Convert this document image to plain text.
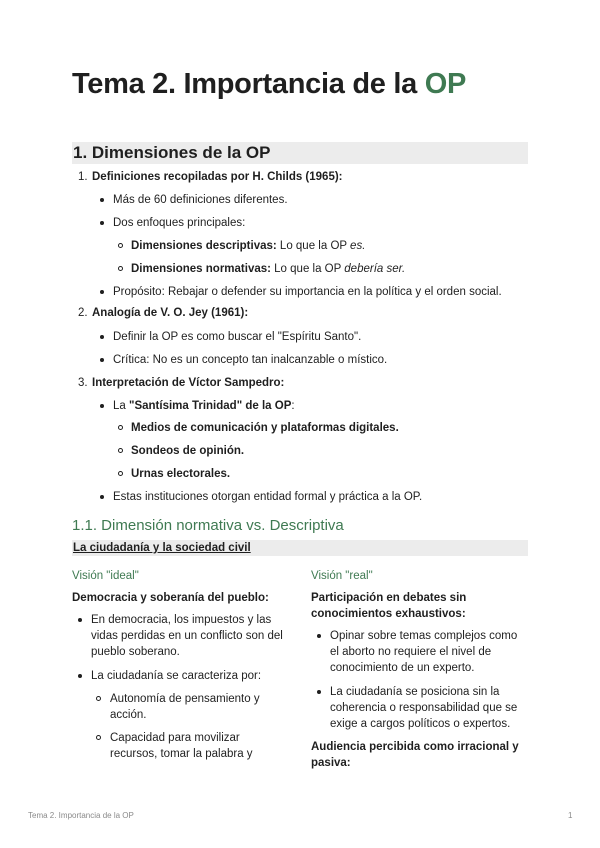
Tema 2. Importancia de la OP
1. Dimensiones de la OP
1. Definiciones recopiladas por H. Childs (1965):
Más de 60 definiciones diferentes.
Dos enfoques principales:
Dimensiones descriptivas: Lo que la OP es.
Dimensiones normativas: Lo que la OP debería ser.
Propósito: Rebajar o defender su importancia en la política y el orden social.
2. Analogía de V. O. Jey (1961):
Definir la OP es como buscar el "Espíritu Santo".
Crítica: No es un concepto tan inalcanzable o místico.
3. Interpretación de Víctor Sampedro:
La "Santísima Trinidad" de la OP:
Medios de comunicación y plataformas digitales.
Sondeos de opinión.
Urnas electorales.
Estas instituciones otorgan entidad formal y práctica a la OP.
1.1. Dimensión normativa vs. Descriptiva
La ciudadanía y la sociedad civil
Visión "ideal"
Democracia y soberanía del pueblo:
En democracia, los impuestos y las
vidas perdidas en un conflicto son del
pueblo soberano.
La ciudadanía se caracteriza por:
Autonomía de pensamiento y
acción.
Capacidad para movilizar
recursos, tomar la palabra y
Visión "real"
Participación en debates sin
conocimientos exhaustivos:
Opinar sobre temas complejos como
el aborto no requiere el nivel de
conocimiento de un experto.
La ciudadanía se posiciona sin la
coherencia o responsabilidad que se
exige a cargos políticos o expertos.
Audiencia percibida como irracional y
pasiva:
Tema 2. Importancia de la OP	1
